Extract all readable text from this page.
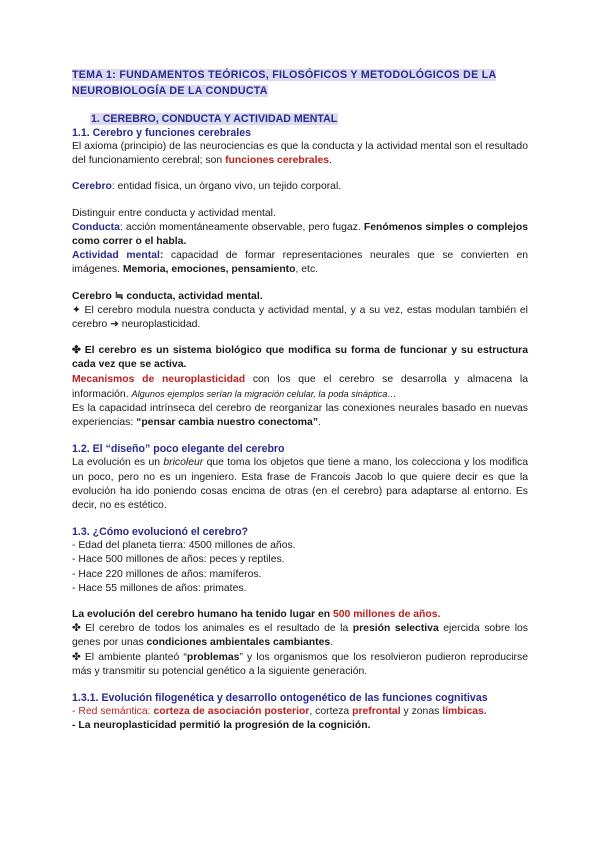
TEMA 1: FUNDAMENTOS TEÓRICOS, FILOSÓFICOS Y METODOLÓGICOS DE LA
NEUROBIOLOGÍA DE LA CONDUCTA

1. CEREBRO, CONDUCTA Y ACTIVIDAD MENTAL

1.1. Cerebro y funciones cerebrales

El axioma (principio) de las neurociencias es que la conducta y la actividad mental son el resultado del funcionamiento cerebral; son funciones cerebrales.

Cerebro: entidad física, un órgano vivo, un tejido corporal.

Distinguir entre conducta y actividad mental.

Conducta: acción momentáneamente observable, pero fugaz. Fenómenos simples o complejos como correr o el habla.

Actividad mental: capacidad de formar representaciones neurales que se convierten en imágenes. Memoria, emociones, pensamiento, etc.

Cerebro ≒ conducta, actividad mental.

✦ El cerebro modula nuestra conducta y actividad mental, y a su vez, estas modulan también el cerebro ➜ neuroplasticidad.

✤ El cerebro es un sistema biológico que modifica su forma de funcionar y su estructura cada vez que se activa.

Mecanismos de neuroplasticidad con los que el cerebro se desarrolla y almacena la información. Algunos ejemplos serían la migración celular, la poda sináptica…

Es la capacidad intrínseca del cerebro de reorganizar las conexiones neurales basado en nuevas experiencias: “pensar cambia nuestro conectoma”.

1.2. El “diseño” poco elegante del cerebro

La evolución es un bricoleur que toma los objetos que tiene a mano, los colecciona y los modifica un poco, pero no es un ingeniero. Esta frase de Francois Jacob lo que quiere decir es que la evolución ha ido poniendo cosas encima de otras (en el cerebro) para adaptarse al entorno. Es decir, no es estético.

1.3. ¿Cómo evolucionó el cerebro?

- Edad del planeta tierra: 4500 millones de años.
- Hace 500 millones de años: peces y reptiles.
- Hace 220 millones de años: mamíferos.
- Hace 55 millones de años: primates.

La evolución del cerebro humano ha tenido lugar en 500 millones de años.

✤ El cerebro de todos los animales es el resultado de la presión selectiva ejercida sobre los genes por unas condiciones ambientales cambiantes.

✤ El ambiente planteó “problemas” y los organismos que los resolvieron pudieron reproducirse más y transmitir su potencial genético a la siguiente generación.

1.3.1. Evolución filogenética y desarrollo ontogenético de las funciones cognitivas

- Red semántica: corteza de asociación posterior, corteza prefrontal y zonas límbicas.

- La neuroplasticidad permitió la progresión de la cognición.
